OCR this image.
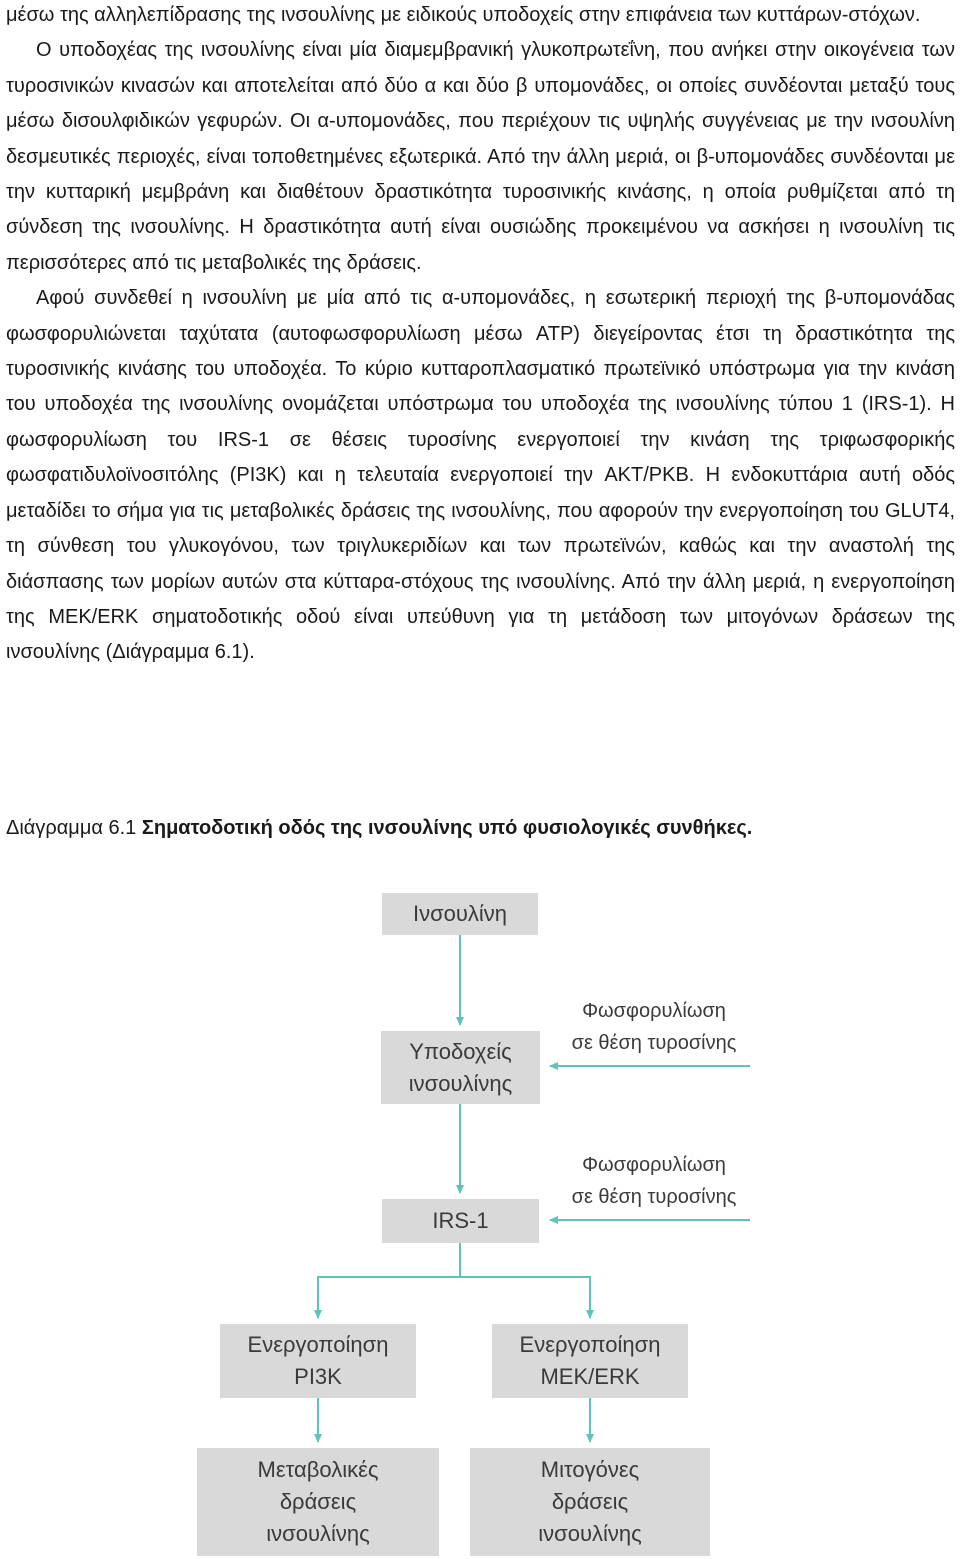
μέσω της αλληλεπίδρασης της ινσουλίνης με ειδικούς υποδοχείς στην επιφάνεια των κυττάρων-στόχων.

Ο υποδοχέας της ινσουλίνης είναι μία διαμεμβρανική γλυκοπρωτεΐνη, που ανήκει στην οικογένεια των τυροσινικών κινασών και αποτελείται από δύο α και δύο β υπομονάδες, οι οποίες συνδέονται μεταξύ τους μέσω δισουλφιδικών γεφυρών. Οι α-υπομονάδες, που περιέχουν τις υψηλής συγγένειας με την ινσουλίνη δεσμευτικές περιοχές, είναι τοποθετημένες εξωτερικά. Από την άλλη μεριά, οι β-υπομονάδες συνδέονται με την κυτταρική μεμβράνη και διαθέτουν δραστικότητα τυροσινικής κινάσης, η οποία ρυθμίζεται από τη σύνδεση της ινσουλίνης. Η δραστικότητα αυτή είναι ουσιώδης προκειμένου να ασκήσει η ινσουλίνη τις περισσότερες από τις μεταβολικές της δράσεις.

Αφού συνδεθεί η ινσουλίνη με μία από τις α-υπομονάδες, η εσωτερική περιοχή της β-υπομονάδας φωσφορυλιώνεται ταχύτατα (αυτοφωσφορυλίωση μέσω ATP) διεγείροντας έτσι τη δραστικότητα της τυροσινικής κινάσης του υποδοχέα. Το κύριο κυτταροπλασματικό πρωτεϊνικό υπόστρωμα για την κινάση του υποδοχέα της ινσουλίνης ονομάζεται υπόστρωμα του υποδοχέα της ινσουλίνης τύπου 1 (IRS-1). Η φωσφορυλίωση του IRS-1 σε θέσεις τυροσίνης ενεργοποιεί την κινάση της τριφωσφορικής φωσφατιδυλοϊνοσιτόλης (PI3K) και η τελευταία ενεργοποιεί την AKT/PKB. Η ενδοκυττάρια αυτή οδός μεταδίδει το σήμα για τις μεταβολικές δράσεις της ινσουλίνης, που αφορούν την ενεργοποίηση του GLUT4, τη σύνθεση του γλυκογόνου, των τριγλυκεριδίων και των πρωτεϊνών, καθώς και την αναστολή της διάσπασης των μορίων αυτών στα κύτταρα-στόχους της ινσουλίνης. Από την άλλη μεριά, η ενεργοποίηση της MEK/ERK σηματοδοτικής οδού είναι υπεύθυνη για τη μετάδοση των μιτογόνων δράσεων της ινσουλίνης (Διάγραμμα 6.1).

Διάγραμμα 6.1 Σηματοδοτική οδός της ινσουλίνης υπό φυσιολογικές συνθήκες.
Ινσουλίνη
Υποδοχείς
ινσουλίνης
IRS-1
Ενεργοποίηση
PI3K
Ενεργοποίηση
MEK/ERK
Μεταβολικές
δράσεις
ινσουλίνης
Μιτογόνες
δράσεις
ινσουλίνης
Φωσφορυλίωση
σε θέση τυροσίνης
Φωσφορυλίωση
σε θέση τυροσίνης
